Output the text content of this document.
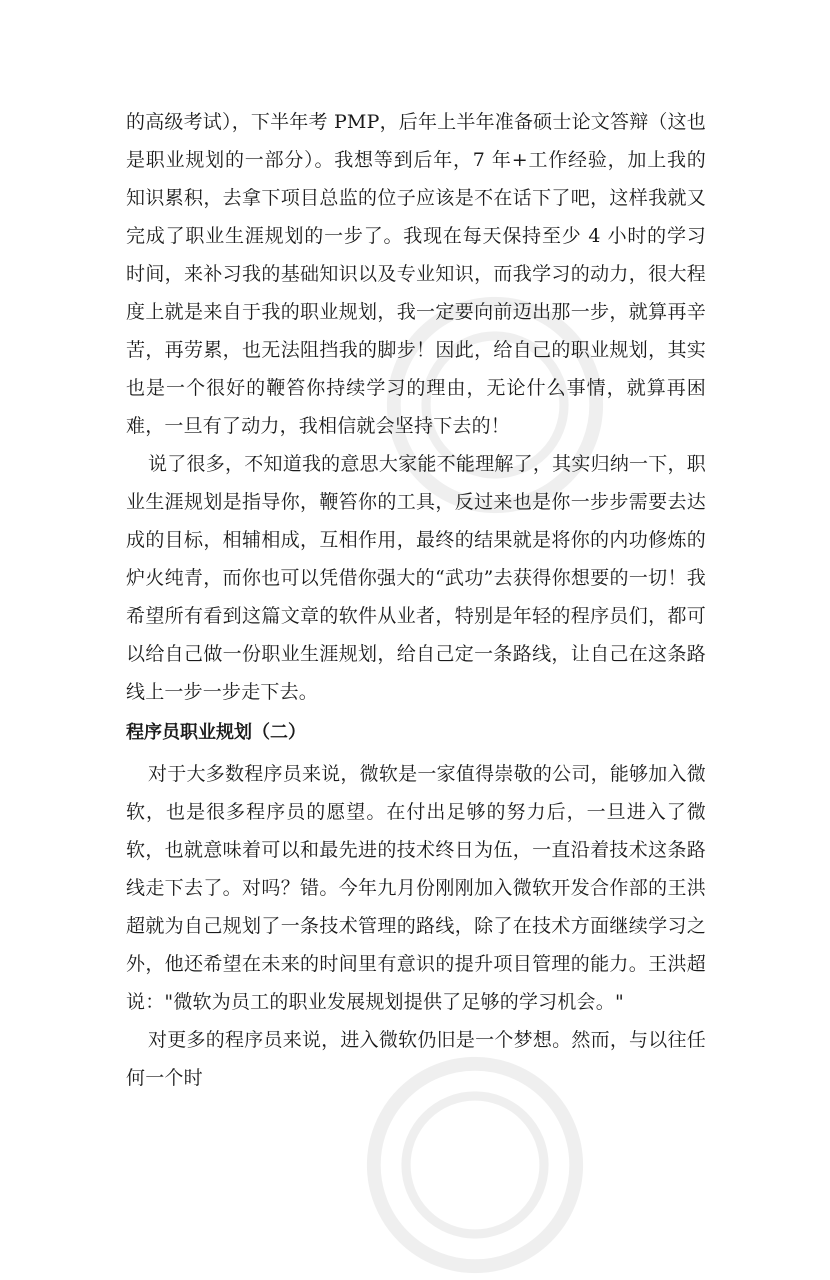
的高级考试），下半年考 PMP，后年上半年准备硕士论文答辩（这也是职业规划的一部分）。我想等到后年，7 年+工作经验，加上我的知识累积，去拿下项目总监的位子应该是不在话下了吧，这样我就又完成了职业生涯规划的一步了。我现在每天保持至少 4 小时的学习时间，来补习我的基础知识以及专业知识，而我学习的动力，很大程度上就是来自于我的职业规划，我一定要向前迈出那一步，就算再辛苦，再劳累，也无法阻挡我的脚步！因此，给自己的职业规划，其实也是一个很好的鞭笞你持续学习的理由，无论什么事情，就算再困难，一旦有了动力，我相信就会坚持下去的！

说了很多，不知道我的意思大家能不能理解了，其实归纳一下，职业生涯规划是指导你，鞭笞你的工具，反过来也是你一步步需要去达成的目标，相辅相成，互相作用，最终的结果就是将你的内功修炼的炉火纯青，而你也可以凭借你强大的“武功”去获得你想要的一切！我希望所有看到这篇文章的软件从业者，特别是年轻的程序员们，都可以给自己做一份职业生涯规划，给自己定一条路线，让自己在这条路线上一步一步走下去。

程序员职业规划（二）

对于大多数程序员来说，微软是一家值得崇敬的公司，能够加入微软，也是很多程序员的愿望。在付出足够的努力后，一旦进入了微软，也就意味着可以和最先进的技术终日为伍，一直沿着技术这条路线走下去了。对吗？错。今年九月份刚刚加入微软开发合作部的王洪超就为自己规划了一条技术管理的路线，除了在技术方面继续学习之外，他还希望在未来的时间里有意识的提升项目管理的能力。王洪超说："微软为员工的职业发展规划提供了足够的学习机会。"

对更多的程序员来说，进入微软仍旧是一个梦想。然而，与以往任何一个时
